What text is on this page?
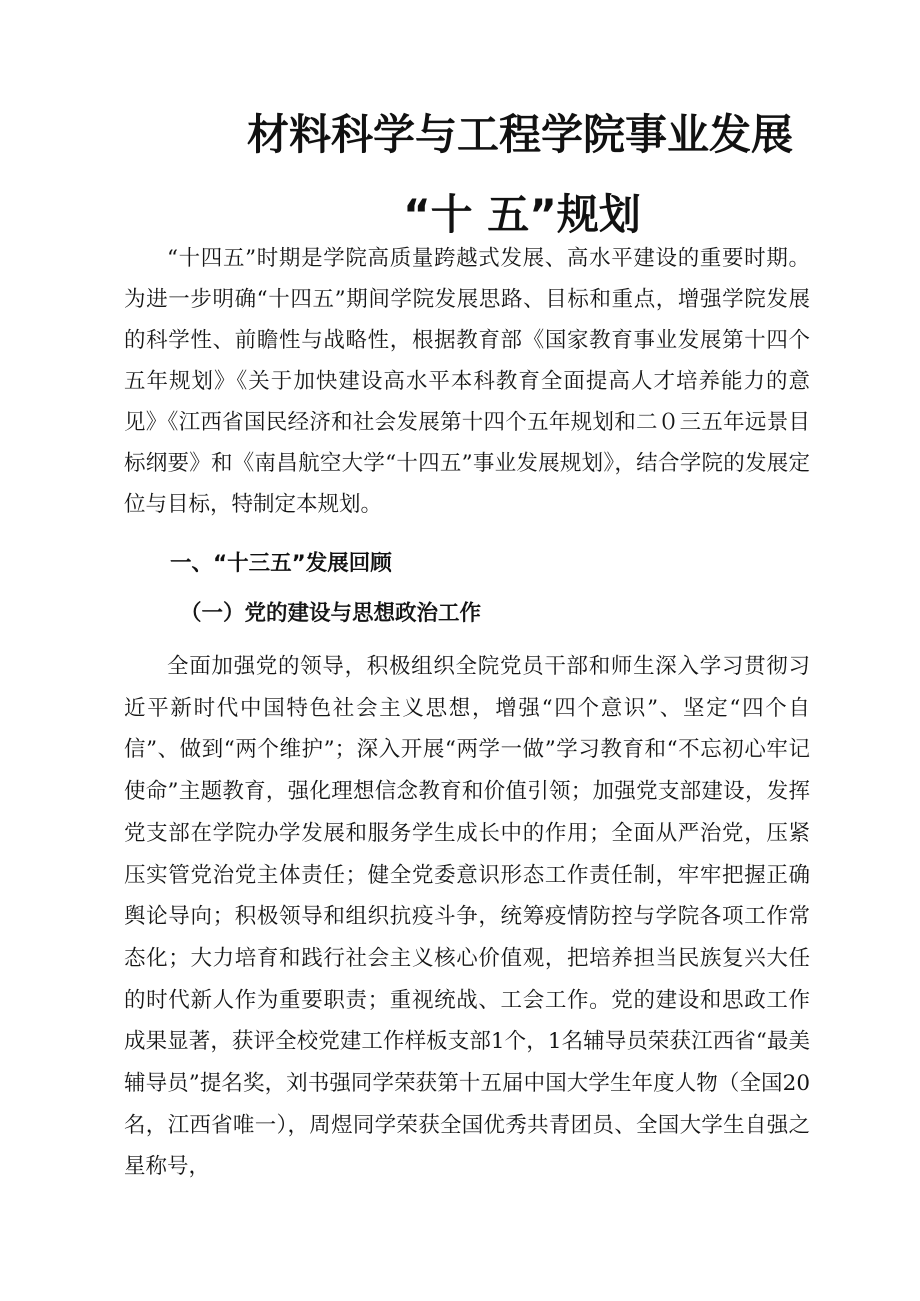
材料科学与工程学院事业发展
“十 五”规划

“十四五”时期是学院高质量跨越式发展、高水平建设的重要时期。为进一步明确“十四五”期间学院发展思路、目标和重点，增强学院发展的科学性、前瞻性与战略性，根据教育部《国家教育事业发展第十四个五年规划》《关于加快建设高水平本科教育全面提高人才培养能力的意见》《江西省国民经济和社会发展第十四个五年规划和二０三五年远景目标纲要》和《南昌航空大学“十四五”事业发展规划》，结合学院的发展定位与目标，特制定本规划。

一、“十三五”发展回顾
（一）党的建设与思想政治工作

全面加强党的领导，积极组织全院党员干部和师生深入学习贯彻习近平新时代中国特色社会主义思想，增强“四个意识”、坚定“四个自信”、做到“两个维护”；深入开展“两学一做”学习教育和“不忘初心牢记使命”主题教育，强化理想信念教育和价值引领；加强党支部建设，发挥党支部在学院办学发展和服务学生成长中的作用；全面从严治党，压紧压实管党治党主体责任；健全党委意识形态工作责任制，牢牢把握正确舆论导向；积极领导和组织抗疫斗争，统筹疫情防控与学院各项工作常态化；大力培育和践行社会主义核心价值观，把培养担当民族复兴大任的时代新人作为重要职责；重视统战、工会工作。党的建设和思政工作成果显著，获评全校党建工作样板支部1个，1名辅导员荣获江西省“最美辅导员”提名奖，刘书强同学荣获第十五届中国大学生年度人物（全国20名，江西省唯一），周煜同学荣获全国优秀共青团员、全国大学生自强之星称号，
